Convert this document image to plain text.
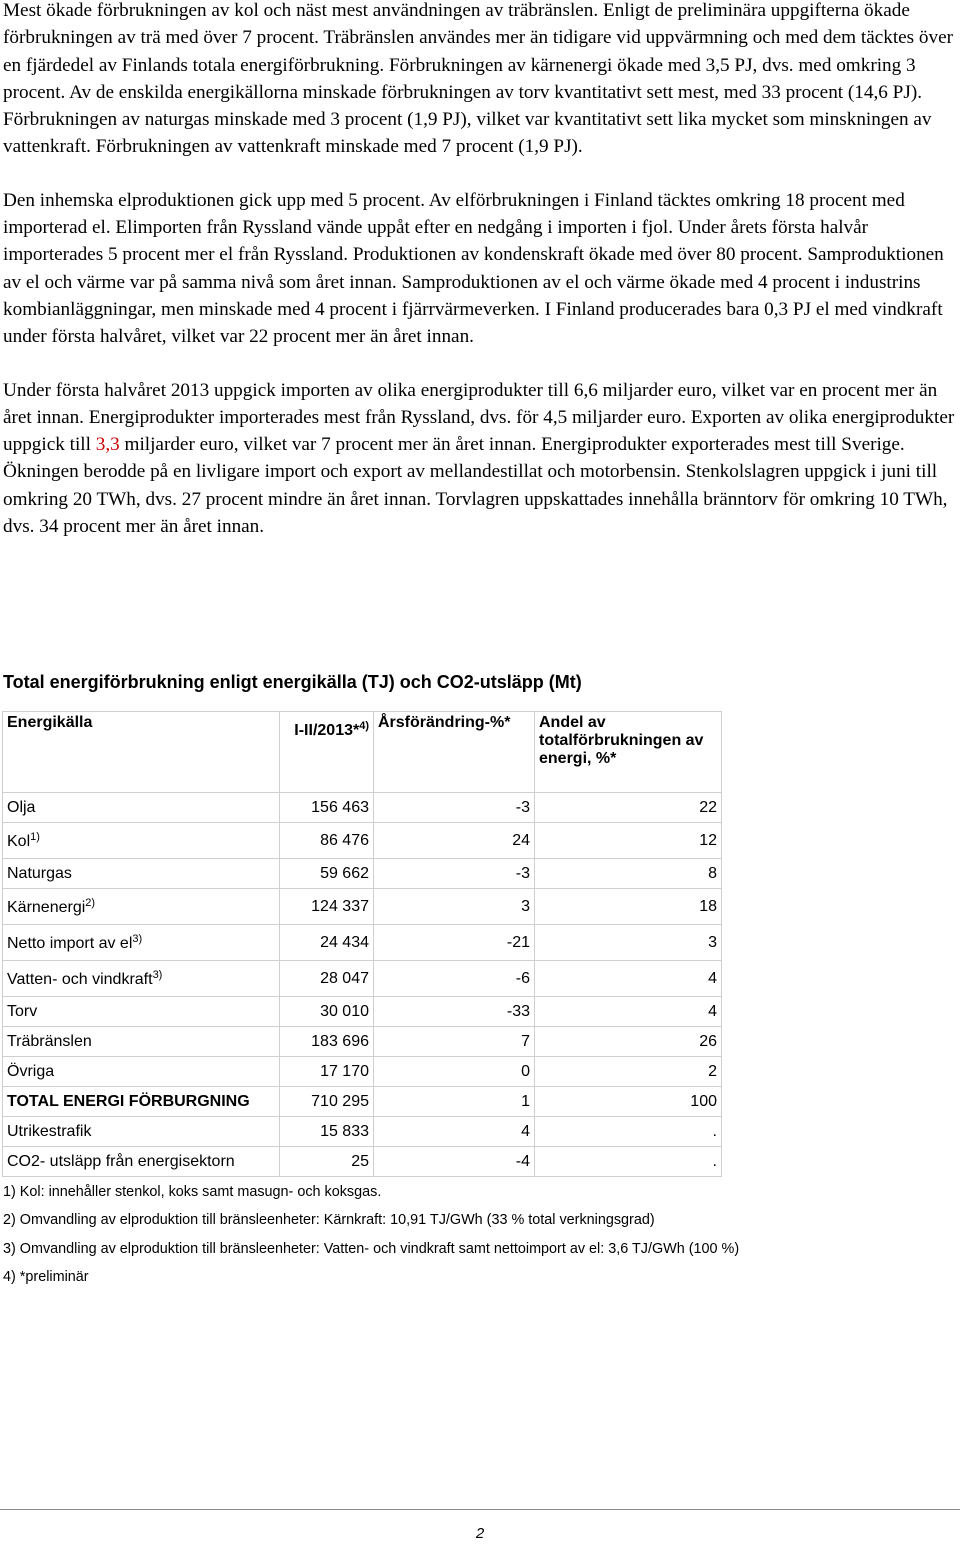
Mest ökade förbrukningen av kol och näst mest användningen av träbränslen. Enligt de preliminära uppgifterna ökade förbrukningen av trä med över 7 procent. Träbränslen användes mer än tidigare vid uppvärmning och med dem täcktes över en fjärdedel av Finlands totala energiförbrukning. Förbrukningen av kärnenergi ökade med 3,5 PJ, dvs. med omkring 3 procent. Av de enskilda energikällorna minskade förbrukningen av torv kvantitativt sett mest, med 33 procent (14,6 PJ). Förbrukningen av naturgas minskade med 3 procent (1,9 PJ), vilket var kvantitativt sett lika mycket som minskningen av vattenkraft. Förbrukningen av vattenkraft minskade med 7 procent (1,9 PJ).

Den inhemska elproduktionen gick upp med 5 procent. Av elförbrukningen i Finland täcktes omkring 18 procent med importerad el. Elimporten från Ryssland vände uppåt efter en nedgång i importen i fjol. Under årets första halvår importerades 5 procent mer el från Ryssland. Produktionen av kondenskraft ökade med över 80 procent. Samproduktionen av el och värme var på samma nivå som året innan. Samproduktionen av el och värme ökade med 4 procent i industrins kombianläggningar, men minskade med 4 procent i fjärrvärmeverken. I Finland producerades bara 0,3 PJ el med vindkraft under första halvåret, vilket var 22 procent mer än året innan.

Under första halvåret 2013 uppgick importen av olika energiprodukter till 6,6 miljarder euro, vilket var en procent mer än året innan. Energiprodukter importerades mest från Ryssland, dvs. för 4,5 miljarder euro. Exporten av olika energiprodukter uppgick till 3,3 miljarder euro, vilket var 7 procent mer än året innan. Energiprodukter exporterades mest till Sverige. Ökningen berodde på en livligare import och export av mellandestillat och motorbensin. Stenkolslagren uppgick i juni till omkring 20 TWh, dvs. 27 procent mindre än året innan. Torvlagren uppskattades innehålla bränntorv för omkring 10 TWh, dvs. 34 procent mer än året innan.

Total energiförbrukning enligt energikälla (TJ) och CO2-utsläpp (Mt)
Energikälla	I-II/2013*$^{4)}$	Årsförändring-%*	Andel av totalförbrukningen av energi, %*
Olja	156 463	-3	22
Kol$^{1)}$	86 476	24	12
Naturgas	59 662	-3	8
Kärnenergi$^{2)}$	124 337	3	18
Netto import av $el^{3)}$	24 434	-21	3
Vatten- och vindkraft$^{3)}$	28 047	-6	4
Torv	30 010	-33	4
Träbränslen	183 696	7	26
Övriga	17 170	0	2
TOTAL ENERGI FÖRBURGNING	710 295	1	100
Utrikestrafik	15 833	4	.
CO2- utsläpp från energisektorn	25	-4	.
1) Kol: innehåller stenkol, koks samt masugn- och koksgas.
2) Omvandling av elproduktion till bränsleenheter: Kärnkraft: 10,91 TJ/GWh (33 % total verkningsgrad)
3) Omvandling av elproduktion till bränsleenheter: Vatten- och vindkraft samt nettoimport av el: 3,6 TJ/GWh (100 %)
4) *preliminär
2
